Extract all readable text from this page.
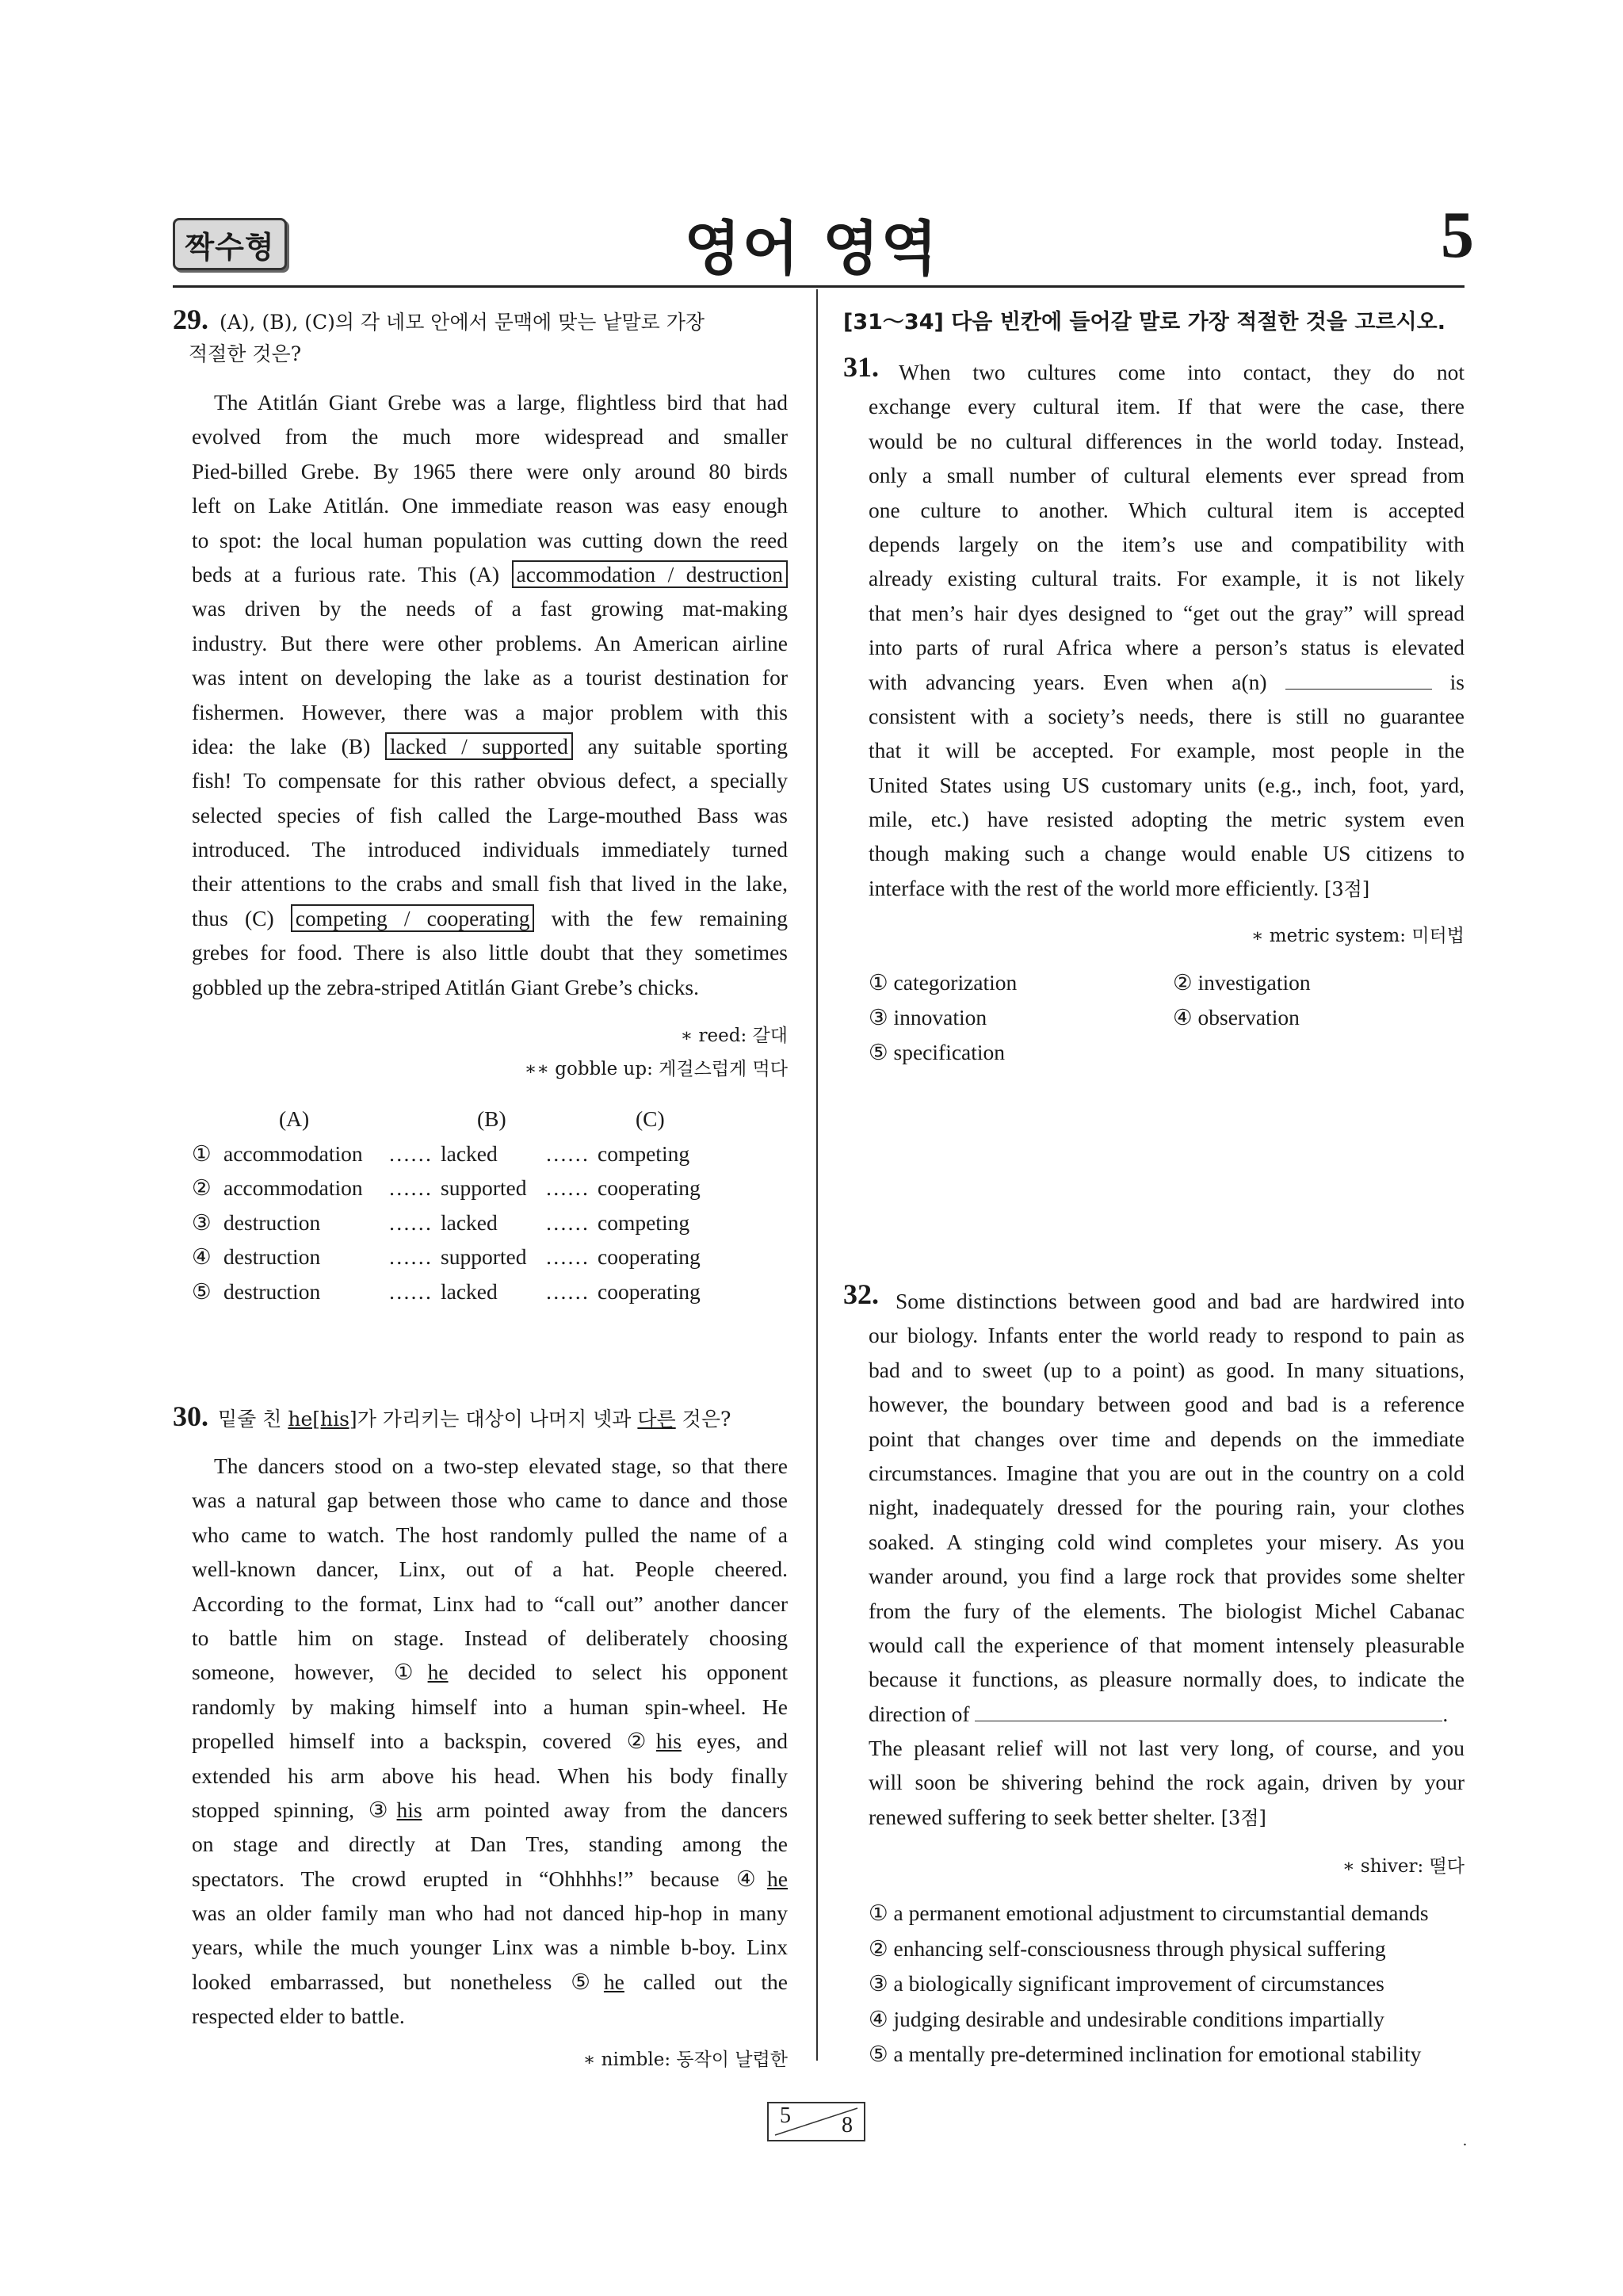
짝수형	영어 영역	5
29. (A), (B), (C)의 각 네모 안에서 문맥에 맞는 낱말로 가장
적절한 것은?
The Atitlán Giant Grebe was a large, flightless bird that had
evolved from the much more widespread and smaller
Pied-billed Grebe. By 1965 there were only around 80 birds
left on Lake Atitlán. One immediate reason was easy enough
to spot: the local human population was cutting down the reed
beds at a furious rate. This (A) accommodation / destruction
was driven by the needs of a fast growing mat-making
industry. But there were other problems. An American airline
was intent on developing the lake as a tourist destination for
fishermen. However, there was a major problem with this
idea: the lake (B) lacked / supported any suitable sporting
fish! To compensate for this rather obvious defect, a specially
selected species of fish called the Large-mouthed Bass was
introduced. The introduced individuals immediately turned
their attentions to the crabs and small fish that lived in the lake,
thus (C) competing / cooperating with the few remaining
grebes for food. There is also little doubt that they sometimes
gobbled up the zebra-striped Atitlán Giant Grebe’s chicks.
∗ reed: 갈대
∗∗ gobble up: 게걸스럽게 먹다
(A)	(B)	(C)
① accommodation …… lacked …… competing
② accommodation …… supported …… cooperating
③ destruction	…… lacked …… competing
④ destruction	…… supported …… cooperating
⑤ destruction	…… lacked …… cooperating
30. 밑줄 친 he[his]가 가리키는 대상이 나머지 넷과 다른 것은?
The dancers stood on a two-step elevated stage, so that there
was a natural gap between those who came to dance and those
who came to watch. The host randomly pulled the name of a
well-known dancer, Linx, out of a hat. People cheered.
According to the format, Linx had to “call out” another dancer
to battle him on stage. Instead of deliberately choosing
someone, however, ①he decided to select his opponent
randomly by making himself into a human spin-wheel. He
propelled himself into a backspin, covered ②his eyes, and
extended his arm above his head. When his body finally
stopped spinning, ③his arm pointed away from the dancers
on stage and directly at Dan Tres, standing among the
spectators. The crowd erupted in “Ohhhhs!” because ④he
was an older family man who had not danced hip-hop in many
years, while the much younger Linx was a nimble b-boy. Linx
looked embarrassed, but nonetheless ⑤he called out the
respected elder to battle.
∗ nimble: 동작이 날렵한
[31～34] 다음 빈칸에 들어갈 말로 가장 적절한 것을 고르시오.
31. When two cultures come into contact, they do not
exchange every cultural item. If that were the case, there
would be no cultural differences in the world today. Instead,
only a small number of cultural elements ever spread from
one culture to another. Which cultural item is accepted
depends largely on the item’s use and compatibility with
already existing cultural traits. For example, it is not likely
that men’s hair dyes designed to “get out the gray” will spread
into parts of rural Africa where a person’s status is elevated
with advancing years. Even when a(n)	is
consistent with a society’s needs, there is still no guarantee
that it will be accepted. For example, most people in the
United States using US customary units (e.g., inch, foot, yard,
mile, etc.) have resisted adopting the metric system even
though making such a change would enable US citizens to
interface with the rest of the world more efficiently. [3점]
∗ metric system: 미터법
① categorization	② investigation
③ innovation	④ observation
⑤ specification
32. Some distinctions between good and bad are hardwired into
our biology. Infants enter the world ready to respond to pain as
bad and to sweet (up to a point) as good. In many situations,
however, the boundary between good and bad is a reference
point that changes over time and depends on the immediate
circumstances. Imagine that you are out in the country on a cold
night, inadequately dressed for the pouring rain, your clothes
soaked. A stinging cold wind completes your misery. As you
wander around, you find a large rock that provides some shelter
from the fury of the elements. The biologist Michel Cabanac
would call the experience of that moment intensely pleasurable
because it functions, as pleasure normally does, to indicate the
direction of	.
The pleasant relief will not last very long, of course, and you
will soon be shivering behind the rock again, driven by your
renewed suffering to seek better shelter. [3점]
∗ shiver: 떨다
① a permanent emotional adjustment to circumstantial demands
② enhancing self-consciousness through physical suffering
③ a biologically significant improvement of circumstances
④ judging desirable and undesirable conditions impartially
⑤ a mentally pre-determined inclination for emotional stability
5 8
.
